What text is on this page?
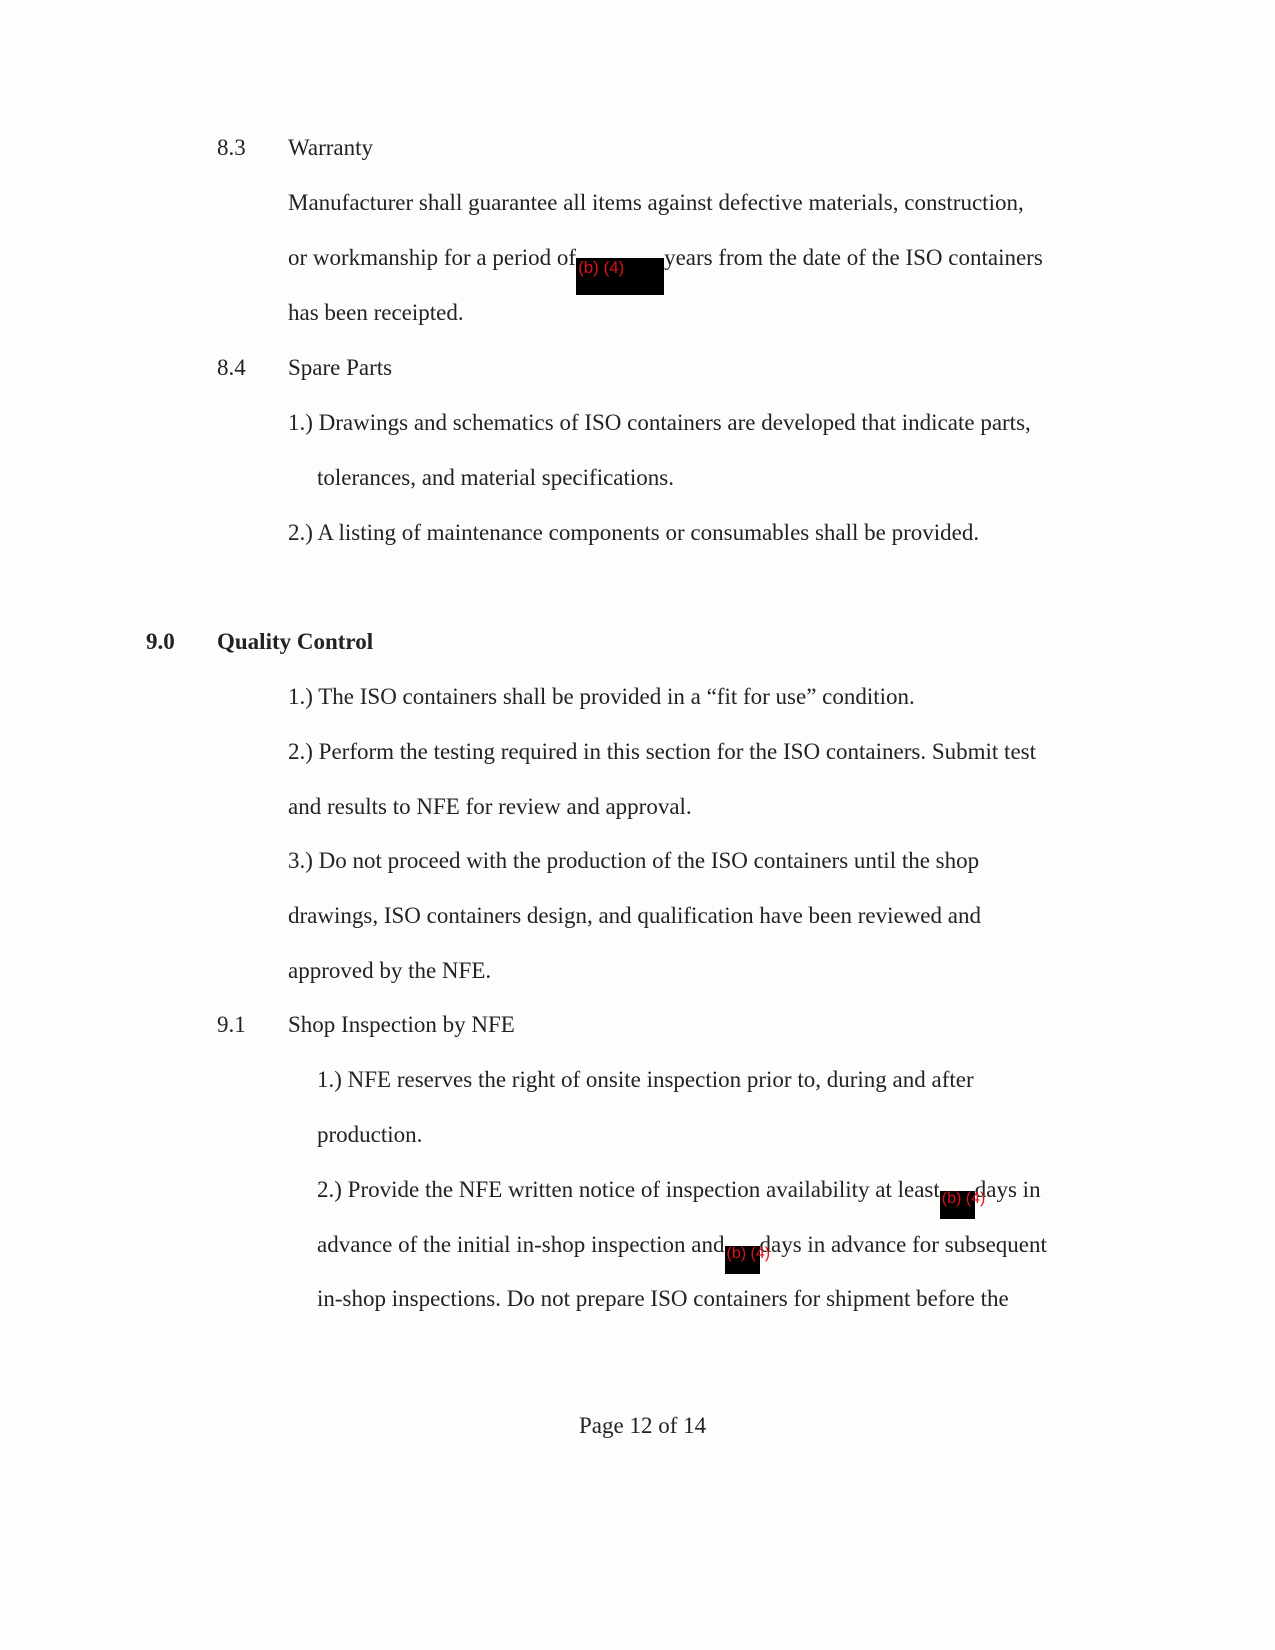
8.3 Warranty
Manufacturer shall guarantee all items against defective materials, construction,
or workmanship for a period of (b) (4) years from the date of the ISO containers
has been receipted.
8.4 Spare Parts
1.) Drawings and schematics of ISO containers are developed that indicate parts,
tolerances, and material specifications.
2.) A listing of maintenance components or consumables shall be provided.
9.0 Quality Control
1.) The ISO containers shall be provided in a “fit for use” condition.
2.) Perform the testing required in this section for the ISO containers. Submit test
and results to NFE for review and approval.
3.) Do not proceed with the production of the ISO containers until the shop
drawings, ISO containers design, and qualification have been reviewed and
approved by the NFE.
9.1 Shop Inspection by NFE
1.) NFE reserves the right of onsite inspection prior to, during and after
production.
2.) Provide the NFE written notice of inspection availability at least (b) (4)days in
advance of the initial in-shop inspection and (b) (4)days in advance for subsequent
in-shop inspections. Do not prepare ISO containers for shipment before the
Page 12 of 14
